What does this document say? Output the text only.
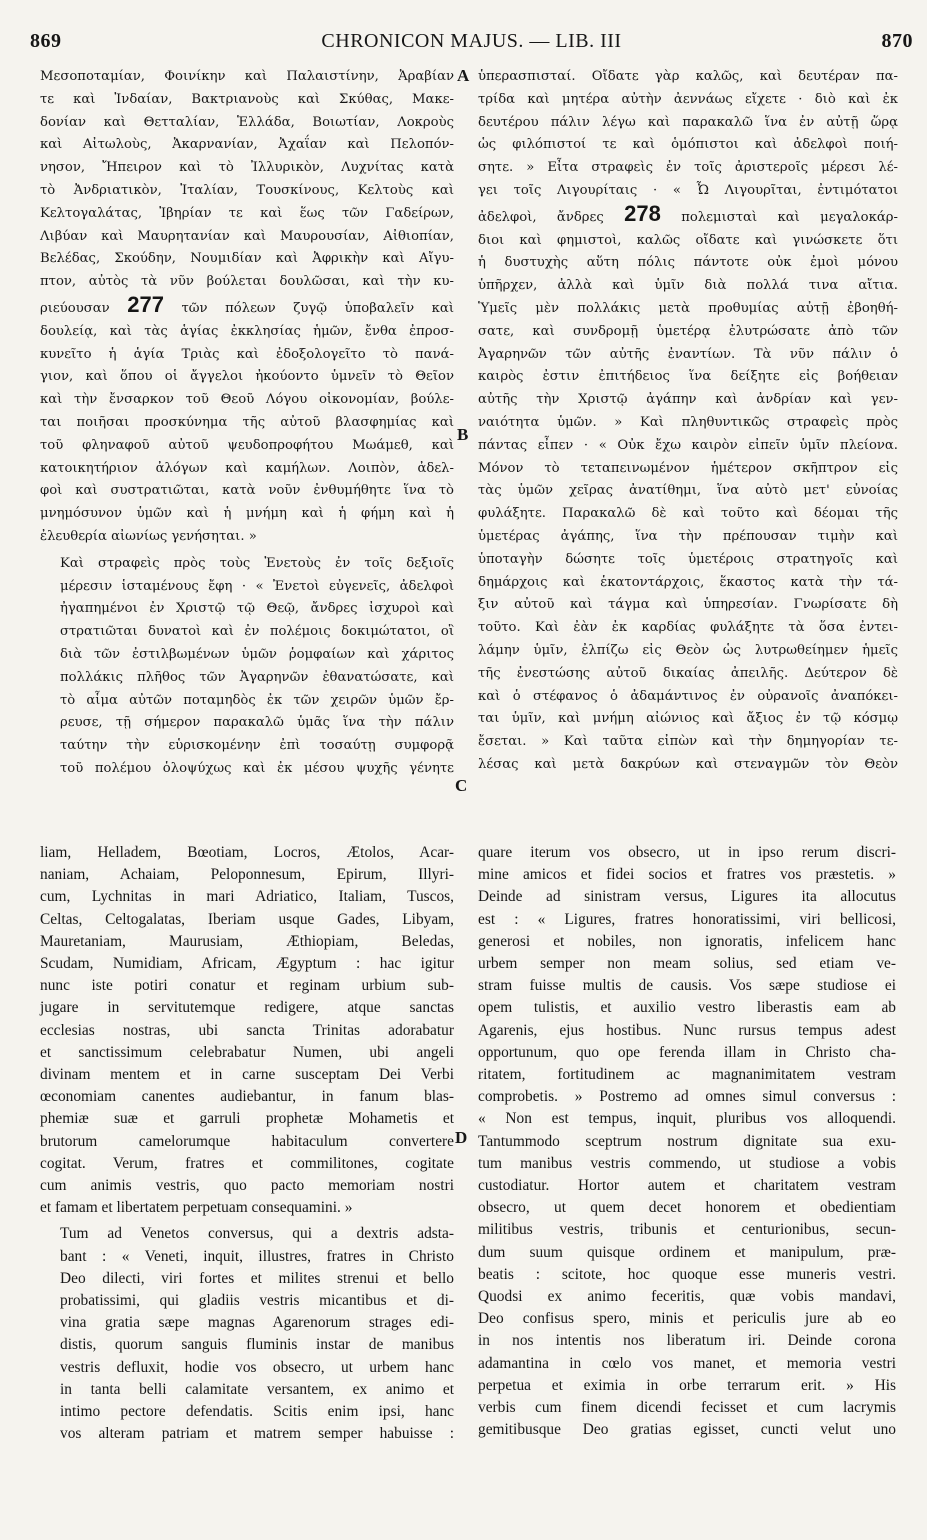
869	CHRONICON MAJUS. — LIB. III	870
A
B
C
D

Μεσοποταμίαν, Φοινίκην καὶ Παλαιστίνην, Ἀραβίαν
τε καὶ Ἰνδαίαν, Βακτριανοὺς καὶ Σκύθας, Μακε-
δονίαν καὶ Θετταλίαν, Ἑλλάδα, Βοιωτίαν, Λοκροὺς
καὶ Αἰτωλοὺς, Ἀκαρνανίαν, Ἀχαΐαν καὶ Πελοπόν-
νησον, Ἤπειρον καὶ τὸ Ἰλλυρικὸν, Λυχνίτας κατὰ
τὸ Ἀνδριατικὸν, Ἰταλίαν, Τουσκίνους, Κελτοὺς καὶ
Κελτογαλάτας, Ἰβηρίαν τε καὶ ἕως τῶν Γαδείρων,
Λιβύαν καὶ Μαυρητανίαν καὶ Μαυρουσίαν, Αἰθιοπίαν,
Βελέδας, Σκούδην, Νουμιδίαν καὶ Ἀφρικὴν καὶ Αἴγυ-
πτον, αὐτὸς τὰ νῦν βούλεται δουλῶσαι, καὶ τὴν κυ-
ριεύουσαν 277 τῶν πόλεων ζυγῷ ὑποβαλεῖν καὶ
δουλείᾳ, καὶ τὰς ἁγίας ἐκκλησίας ἡμῶν, ἔνθα ἐπροσ-
κυνεῖτο ἡ ἁγία Τριὰς καὶ ἐδοξολογεῖτο τὸ πανά-
γιον, καὶ ὅπου οἱ ἄγγελοι ἠκούοντο ὑμνεῖν τὸ Θεῖον
καὶ τὴν ἔνσαρκον τοῦ Θεοῦ Λόγου οἰκονομίαν, βούλε-
ται ποιῆσαι προσκύνημα τῆς αὐτοῦ βλασφημίας καὶ
τοῦ φληναφοῦ αὐτοῦ ψευδοπροφήτου Μωάμεθ, καὶ
κατοικητήριον ἀλόγων καὶ καμήλων. Λοιπὸν, ἀδελ-
φοὶ καὶ συστρατιῶται, κατὰ νοῦν ἐνθυμήθητε ἵνα τὸ
μνημόσυνον ὑμῶν καὶ ἡ μνήμη καὶ ἡ φήμη καὶ ἡ
ἐλευθερία αἰωνίως γενήσηται. »

Καὶ στραφεὶς πρὸς τοὺς Ἐνετοὺς ἐν τοῖς δεξιοῖς
μέρεσιν ἱσταμένους ἔφη · « Ἐνετοὶ εὐγενεῖς, ἀδελφοὶ
ἠγαπημένοι ἐν Χριστῷ τῷ Θεῷ, ἄνδρες ἰσχυροὶ καὶ
στρατιῶται δυνατοὶ καὶ ἐν πολέμοις δοκιμώτατοι, οἳ
διὰ τῶν ἐστιλβωμένων ὑμῶν ῥομφαίων καὶ χάριτος
πολλάκις πλῆθος τῶν Ἀγαρηνῶν ἐθανατώσατε, καὶ
τὸ αἷμα αὐτῶν ποταμηδὸς ἐκ τῶν χειρῶν ὑμῶν ἔρ-
ρευσε, τῇ σήμερον παρακαλῶ ὑμᾶς ἵνα τὴν πάλιν
ταύτην τὴν εὑρισκομένην ἐπὶ τοσαύτῃ συμφορᾷ
τοῦ πολέμου ὁλοψύχως καὶ ἐκ μέσου ψυχῆς γένητε

ὑπερασπισταί. Οἴδατε γὰρ καλῶς, καὶ δευτέραν πα-
τρίδα καὶ μητέρα αὐτὴν ἀεννάως εἴχετε · διὸ καὶ ἐκ
δευτέρου πάλιν λέγω καὶ παρακαλῶ ἵνα ἐν αὐτῇ ὥρᾳ
ὡς φιλόπιστοί τε καὶ ὁμόπιστοι καὶ ἀδελφοὶ ποιή-
σητε. » Εἶτα στραφεὶς ἐν τοῖς ἀριστεροῖς μέρεσι λέ-
γει τοῖς Λιγουρίταις · « Ὦ Λιγουρῖται, ἐντιμότατοι
ἀδελφοὶ, ἄνδρες 278 πολεμισταὶ καὶ μεγαλοκάρ-
διοι καὶ φημιστοὶ, καλῶς οἴδατε καὶ γινώσκετε ὅτι
ἡ δυστυχὴς αὕτη πόλις πάντοτε οὐκ ἐμοὶ μόνου
ὑπῆρχεν, ἀλλὰ καὶ ὑμῖν διὰ πολλά τινα αἴτια.
Ὑμεῖς μὲν πολλάκις μετὰ προθυμίας αὐτῇ ἐβοηθή-
σατε, καὶ συνδρομῇ ὑμετέρᾳ ἐλυτρώσατε ἀπὸ τῶν
Ἀγαρηνῶν τῶν αὐτῆς ἐναντίων. Τὰ νῦν πάλιν ὁ
καιρὸς ἐστιν ἐπιτήδειος ἵνα δείξητε εἰς βοήθειαν
αὐτῆς τὴν Χριστῷ ἀγάπην καὶ ἀνδρίαν καὶ γεν-
ναιότητα ὑμῶν. » Καὶ πληθυντικῶς στραφεὶς πρὸς
πάντας εἶπεν · « Οὐκ ἔχω καιρὸν εἰπεῖν ὑμῖν πλείονα.
Μόνον τὸ τεταπεινωμένον ἡμέτερον σκῆπτρον εἰς
τὰς ὑμῶν χεῖρας ἀνατίθημι, ἵνα αὐτὸ μετ' εὐνοίας
φυλάξητε. Παρακαλῶ δὲ καὶ τοῦτο καὶ δέομαι τῆς
ὑμετέρας ἀγάπης, ἵνα τὴν πρέπουσαν τιμὴν καὶ
ὑποταγὴν δώσητε τοῖς ὑμετέροις στρατηγοῖς καὶ
δημάρχοις καὶ ἑκατοντάρχοις, ἕκαστος κατὰ τὴν τά-
ξιν αὐτοῦ καὶ τάγμα καὶ ὑπηρεσίαν. Γνωρίσατε δὴ
τοῦτο. Καὶ ἐὰν ἐκ καρδίας φυλάξητε τὰ ὅσα ἐντει-
λάμην ὑμῖν, ἐλπίζω εἰς Θεὸν ὡς λυτρωθείημεν ἡμεῖς
τῆς ἐνεστώσης αὐτοῦ δικαίας ἀπειλῆς. Δεύτερον δὲ
καὶ ὁ στέφανος ὁ ἀδαμάντινος ἐν οὐρανοῖς ἀναπόκει-
ται ὑμῖν, καὶ μνήμη αἰώνιος καὶ ἄξιος ἐν τῷ κόσμῳ
ἔσεται. » Καὶ ταῦτα εἰπὼν καὶ τὴν δημηγορίαν τε-
λέσας καὶ μετὰ δακρύων καὶ στεναγμῶν τὸν Θεὸν

liam, Helladem, Bœotiam, Locros, Ætolos, Acar-
naniam, Achaiam, Peloponnesum, Epirum, Illyri-
cum, Lychnitas in mari Adriatico, Italiam, Tuscos,
Celtas, Celtogalatas, Iberiam usque Gades, Libyam,
Mauretaniam, Maurusiam, Æthiopiam, Beledas,
Scudam, Numidiam, Africam, Ægyptum : hac igitur
nunc iste potiri conatur et reginam urbium sub-
jugare in servitutemque redigere, atque sanctas
ecclesias nostras, ubi sancta Trinitas adorabatur
et sanctissimum celebrabatur Numen, ubi angeli
divinam mentem et in carne susceptam Dei Verbi
œconomiam canentes audiebantur, in fanum blas-
phemiæ suæ et garruli prophetæ Mohametis et
brutorum camelorumque habitaculum convertere
cogitat. Verum, fratres et commilitones, cogitate
cum animis vestris, quo pacto memoriam nostri
et famam et libertatem perpetuam consequamini. »

Tum ad Venetos conversus, qui a dextris adsta-
bant : « Veneti, inquit, illustres, fratres in Christo
Deo dilecti, viri fortes et milites strenui et bello
probatissimi, qui gladiis vestris micantibus et di-
vina gratia sæpe magnas Agarenorum strages edi-
distis, quorum sanguis fluminis instar de manibus
vestris defluxit, hodie vos obsecro, ut urbem hanc
in tanta belli calamitate versantem, ex animo et
intimo pectore defendatis. Scitis enim ipsi, hanc
vos alteram patriam et matrem semper habuisse :

quare iterum vos obsecro, ut in ipso rerum discri-
mine amicos et fidei socios et fratres vos præstetis. »
Deinde ad sinistram versus, Ligures ita allocutus
est : « Ligures, fratres honoratissimi, viri bellicosi,
generosi et nobiles, non ignoratis, infelicem hanc
urbem semper non meam solius, sed etiam ve-
stram fuisse multis de causis. Vos sæpe studiose ei
opem tulistis, et auxilio vestro liberastis eam ab
Agarenis, ejus hostibus. Nunc rursus tempus adest
opportunum, quo ope ferenda illam in Christo cha-
ritatem, fortitudinem ac magnanimitatem vestram
comprobetis. » Postremo ad omnes simul conversus :
« Non est tempus, inquit, pluribus vos alloquendi.
Tantummodo sceptrum nostrum dignitate sua exu-
tum manibus vestris commendo, ut studiose a vobis
custodiatur. Hortor autem et charitatem vestram
obsecro, ut quem decet honorem et obedientiam
militibus vestris, tribunis et centurionibus, secun-
dum suum quisque ordinem et manipulum, præ-
beatis : scitote, hoc quoque esse muneris vestri.
Quodsi ex animo feceritis, quæ vobis mandavi,
Deo confisus spero, minis et periculis jure ab eo
in nos intentis nos liberatum iri. Deinde corona
adamantina in cœlo vos manet, et memoria vestri
perpetua et eximia in orbe terrarum erit. » His
verbis cum finem dicendi fecisset et cum lacrymis
gemitibusque Deo gratias egisset, cuncti velut uno
